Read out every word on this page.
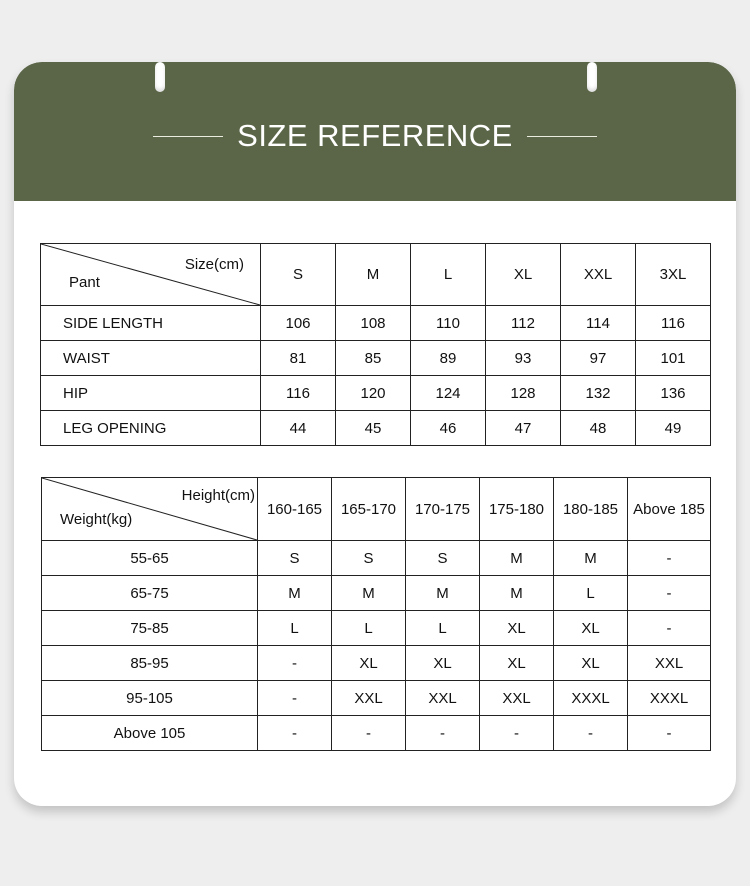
SIZE REFERENCE
Size(cm)
Pant	S	M	L	XL	XXL	3XL
SIDE LENGTH	106	108	110	112	114	116
WAIST	81	85	89	93	97	101
HIP	116	120	124	128	132	136
LEG OPENING	44	45	46	47	48	49
Height(cm)
Weight(kg)	160-165	165-170	170-175	175-180	180-185	Above 185
55-65	S	S	S	M	M	-
65-75	M	M	M	M	L	-
75-85	L	L	L	XL	XL	-
85-95	-	XL	XL	XL	XL	XXL
95-105	-	XXL	XXL	XXL	XXXL	XXXL
Above 105	-	-	-	-	-	-
